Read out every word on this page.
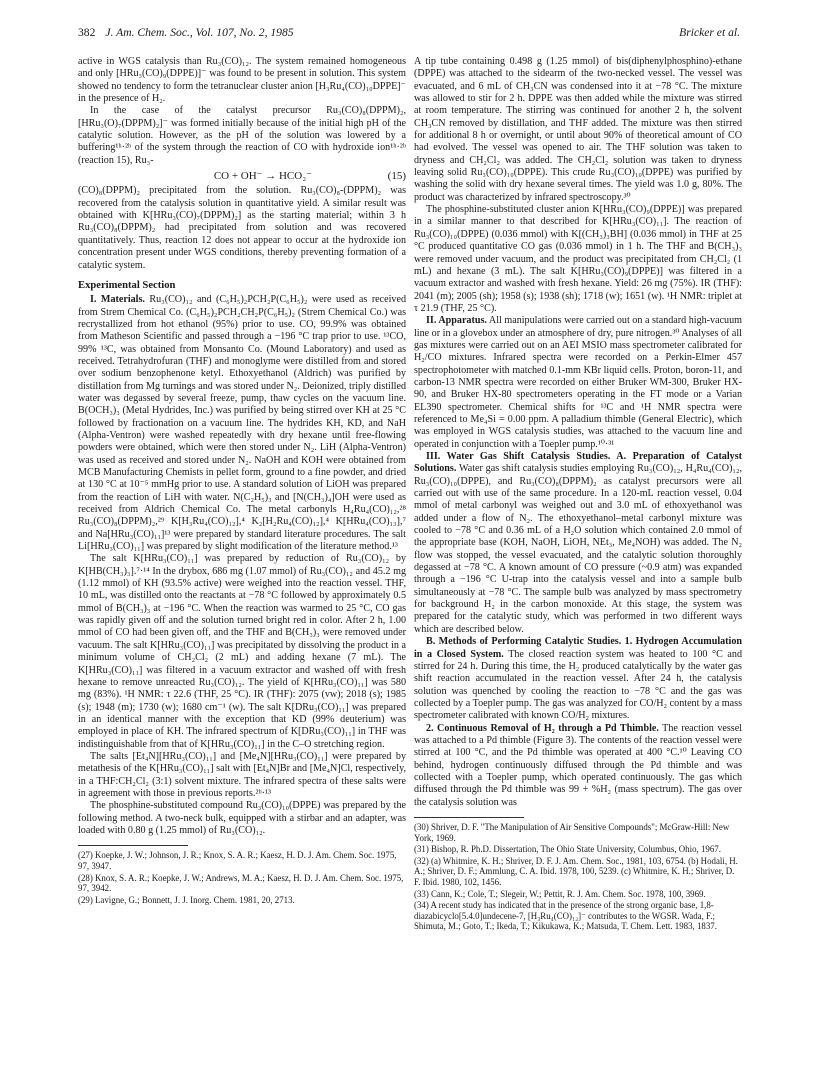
382 J. Am. Chem. Soc., Vol. 107, No. 2, 1985	Bricker et al.

active in WGS catalysis than Ru₃(CO)₁₂. The system remained homogeneous and only [HRu₃(CO)₉(DPPE)]⁻ was found to be present in solution. This system showed no tendency to form the tetranuclear cluster anion [H₃Ru₄(CO)₁₀DPPE]⁻ in the presence of H₂.

In the case of the catalyst precursor Ru₃(CO)₈(DPPM)₂, [HRu₃(O)₇(DPPM)₂]⁻ was formed initially because of the initial high pH of the catalytic solution. However, as the pH of the solution was lowered by a buffering¹ʰ·²ᵇ of the system through the reaction of CO with hydroxide ion¹ʰ·²ᵇ (reaction 15), Ru₃-

CO + OH⁻ → HCO₂⁻	(15)

(CO)₈(DPPM)₂ precipitated from the solution. Ru₃(CO)₈-(DPPM)₂ was recovered from the catalysis solution in quantitative yield. A similar result was obtained with K[HRu₃(CO)₇(DPPM)₂] as the starting material; within 3 h Ru₃(CO)₈(DPPM)₂ had precipitated from solution and was recovered quantitatively. Thus, reaction 12 does not appear to occur at the hydroxide ion concentration present under WGS conditions, thereby preventing formation of a catalytic system.

Experimental Section

I. Materials. Ru₃(CO)₁₂ and (C₆H₅)₂PCH₂P(C₆H₅)₂ were used as received from Strem Chemical Co. (C₆H₅)₂PCH₂CH₂P(C₆H₅)₂ (Strem Chemical Co.) was recrystallized from hot ethanol (95%) prior to use. CO, 99.9% was obtained from Matheson Scientific and passed through a −196 °C trap prior to use. ¹³CO, 99% ¹³C, was obtained from Monsanto Co. (Mound Laboratory) and used as received. Tetrahydrofuran (THF) and monoglyme were distilled from and stored over sodium benzophenone ketyl. Ethoxyethanol (Aldrich) was purified by distillation from Mg turnings and was stored under N₂. Deionized, triply distilled water was degassed by several freeze, pump, thaw cycles on the vacuum line. B(OCH₃)₃ (Metal Hydrides, Inc.) was purified by being stirred over KH at 25 °C followed by fractionation on a vacuum line. The hydrides KH, KD, and NaH (Alpha-Ventron) were washed repeatedly with dry hexane until free-flowing powders were obtained, which were then stored under N₂. LiH (Alpha-Ventron) was used as received and stored under N₂. NaOH and KOH were obtained from MCB Manufacturing Chemists in pellet form, ground to a fine powder, and dried at 130 °C at 10⁻⁵ mmHg prior to use. A standard solution of LiOH was prepared from the reaction of LiH with water. N(C₂H₅)₃ and [N(CH₃)₄]OH were used as received from Aldrich Chemical Co. The metal carbonyls H₄Ru₄(CO)₁₂,²⁸ Ru₃(CO)₈(DPPM)₂,²⁹ K[H₃Ru₄(CO)₁₂],⁴ K₂[H₂Ru₄(CO)₁₂],⁴ K[HRu₄(CO)₁₃],⁷ and Na[HRu₃(CO)₁₁]¹³ were prepared by standard literature procedures. The salt Li[HRu₃(CO)₁₁] was prepared by slight modification of the literature method.¹³

The salt K[HRu₃(CO)₁₁] was prepared by reduction of Ru₃(CO)₁₂ by K[HB(CH₃)₃].⁷·¹⁴ In the drybox, 686 mg (1.07 mmol) of Ru₃(CO)₁₂ and 45.2 mg (1.12 mmol) of KH (93.5% active) were weighed into the reaction vessel. THF, 10 mL, was distilled onto the reactants at −78 °C followed by approximately 0.5 mmol of B(CH₃)₃ at −196 °C. When the reaction was warmed to 25 °C, CO gas was rapidly given off and the solution turned bright red in color. After 2 h, 1.00 mmol of CO had been given off, and the THF and B(CH₃)₃ were removed under vacuum. The salt K[HRu₃(CO)₁₁] was precipitated by dissolving the product in a minimum volume of CH₂Cl₂ (2 mL) and adding hexane (7 mL). The K[HRu₃(CO)₁₁] was filtered in a vacuum extractor and washed off with fresh hexane to remove unreacted Ru₃(CO)₁₂. The yield of K[HRu₃(CO)₁₁] was 580 mg (83%). ¹H NMR: τ 22.6 (THF, 25 °C). IR (THF): 2075 (vw); 2018 (s); 1985 (s); 1948 (m); 1730 (w); 1680 cm⁻¹ (w). The salt K[DRu₃(CO)₁₁] was prepared in an identical manner with the exception that KD (99% deuterium) was employed in place of KH. The infrared spectrum of K[DRu₃(CO)₁₁] in THF was indistinguishable from that of K[HRu₃(CO)₁₁] in the C–O stretching region.

The salts [Et₄N][HRu₃(CO)₁₁] and [Me₄N][HRu₃(CO)₁₁] were prepared by metathesis of the K[HRu₃(CO)₁₁] salt with [Et₄N]Br and [Me₄N]Cl, respectively, in a THF:CH₂Cl₂ (3:1) solvent mixture. The infrared spectra of these salts were in agreement with those in previous reports.²ᵇ·¹³

The phosphine-substituted compound Ru₃(CO)₁₀(DPPE) was prepared by the following method. A two-neck bulk, equipped with a stirbar and an adapter, was loaded with 0.80 g (1.25 mmol) of Ru₃(CO)₁₂.

(27) Koepke, J. W.; Johnson, J. R.; Knox, S. A. R.; Kaesz, H. D. J. Am. Chem. Soc. 1975, 97, 3947.

(28) Knox, S. A. R.; Koepke, J. W.; Andrews, M. A.; Kaesz, H. D. J. Am. Chem. Soc. 1975, 97, 3942.

(29) Lavigne, G.; Bonnett, J. J. Inorg. Chem. 1981, 20, 2713.

A tip tube containing 0.498 g (1.25 mmol) of bis(diphenylphosphino)-ethane (DPPE) was attached to the sidearm of the two-necked vessel. The vessel was evacuated, and 6 mL of CH₃CN was condensed into it at −78 °C. The mixture was allowed to stir for 2 h. DPPE was then added while the mixture was stirred at room temperature. The stirring was continued for another 2 h, the solvent CH₃CN removed by distillation, and THF added. The mixture was then stirred for additional 8 h or overnight, or until about 90% of theoretical amount of CO had evolved. The vessel was opened to air. The THF solution was taken to dryness and CH₂Cl₂ was added. The CH₂Cl₂ solution was taken to dryness leaving solid Ru₃(CO)₁₀(DPPE). This crude Ru₃(CO)₁₀(DPPE) was purified by washing the solid with dry hexane several times. The yield was 1.0 g, 80%. The product was characterized by infrared spectroscopy.³⁰

The phosphine-substituted cluster anion K[HRu₃(CO)₉(DPPE)] was prepared in a similar manner to that described for K[HRu₃(CO)₁₁]. The reaction of Ru₃(CO)₁₀(DPPE) (0.036 mmol) with K[(CH₃)₃BH] (0.036 mmol) in THF at 25 °C produced quantitative CO gas (0.036 mmol) in 1 h. The THF and B(CH₃)₃ were removed under vacuum, and the product was precipitated from CH₂Cl₂ (1 mL) and hexane (3 mL). The salt K[HRu₃(CO)₉(DPPE)] was filtered in a vacuum extractor and washed with fresh hexane. Yield: 26 mg (75%). IR (THF): 2041 (m); 2005 (sh); 1958 (s); 1938 (sh); 1718 (w); 1651 (w). ¹H NMR: triplet at τ 21.9 (THF, 25 °C).

II. Apparatus. All manipulations were carried out on a standard high-vacuum line or in a glovebox under an atmosphere of dry, pure nitrogen.³⁰ Analyses of all gas mixtures were carried out on an AEI MSIO mass spectrometer calibrated for H₂/CO mixtures. Infrared spectra were recorded on a Perkin-Elmer 457 spectrophotometer with matched 0.1-mm KBr liquid cells. Proton, boron-11, and carbon-13 NMR spectra were recorded on either Bruker WM-300, Bruker HX-90, and Bruker HX-80 spectrometers operating in the FT mode or a Varian EL390 spectrometer. Chemical shifts for ¹³C and ¹H NMR spectra were referenced to Me₄Si = 0.00 ppm. A palladium thimble (General Electric), which was employed in WGS catalysis studies, was attached to the vacuum line and operated in conjunction with a Toepler pump.¹⁰·³¹

III. Water Gas Shift Catalysis Studies. A. Preparation of Catalyst Solutions. Water gas shift catalysis studies employing Ru₃(CO)₁₂, H₄Ru₄(CO)₁₂, Ru₃(CO)₁₀(DPPE), and Ru₃(CO)₈(DPPM)₂ as catalyst precursors were all carried out with use of the same procedure. In a 120-mL reaction vessel, 0.04 mmol of metal carbonyl was weighed out and 3.0 mL of ethoxyethanol was added under a flow of N₂. The ethoxyethanol–metal carbonyl mixture was cooled to −78 °C and 0.36 mL of a H₂O solution which contained 2.0 mmol of the appropriate base (KOH, NaOH, LiOH, NEt₃, Me₄NOH) was added. The N₂ flow was stopped, the vessel evacuated, and the catalytic solution thoroughly degassed at −78 °C. A known amount of CO pressure (~0.9 atm) was expanded through a −196 °C U-trap into the catalysis vessel and into a sample bulb simultaneously at −78 °C. The sample bulb was analyzed by mass spectrometry for background H₂ in the carbon monoxide. At this stage, the system was prepared for the catalytic study, which was performed in two different ways which are described below.

B. Methods of Performing Catalytic Studies. 1. Hydrogen Accumulation in a Closed System. The closed reaction system was heated to 100 °C and stirred for 24 h. During this time, the H₂ produced catalytically by the water gas shift reaction accumulated in the reaction vessel. After 24 h, the catalysis solution was quenched by cooling the reaction to −78 °C and the gas was collected by a Toepler pump. The gas was analyzed for CO/H₂ content by a mass spectrometer calibrated with known CO/H₂ mixtures.

2. Continuous Removal of H₂ through a Pd Thimble. The reaction vessel was attached to a Pd thimble (Figure 3). The contents of the reaction vessel were stirred at 100 °C, and the Pd thimble was operated at 400 °C.¹⁰ Leaving CO behind, hydrogen continuously diffused through the Pd thimble and was collected with a Toepler pump, which operated continuously. The gas which diffused through the Pd thimble was 99 + %H₂ (mass spectrum). The gas over the catalysis solution was

(30) Shriver, D. F. "The Manipulation of Air Sensitive Compounds"; McGraw-Hill: New York, 1969.

(31) Bishop, R. Ph.D. Dissertation, The Ohio State University, Columbus, Ohio, 1967.

(32) (a) Whitmire, K. H.; Shriver, D. F. J. Am. Chem. Soc., 1981, 103, 6754. (b) Hodali, H. A.; Shriver, D. F.; Ammlung, C. A. Ibid. 1978, 100, 5239. (c) Whitmire, K. H.; Shriver, D. F. Ibid. 1980, 102, 1456.

(33) Cann, K.; Cole, T.; Slegeir, W.; Pettit, R. J. Am. Chem. Soc. 1978, 100, 3969.

(34) A recent study has indicated that in the presence of the strong organic base, 1,8-diazabicyclo[5.4.0]undecene-7, [H₃Ru₄(CO)₁₂]⁻ contributes to the WGSR. Wada, F.; Shimuta, M.; Goto, T.; Ikeda, T.; Kikukawa, K.; Matsuda, T. Chem. Lett. 1983, 1837.
